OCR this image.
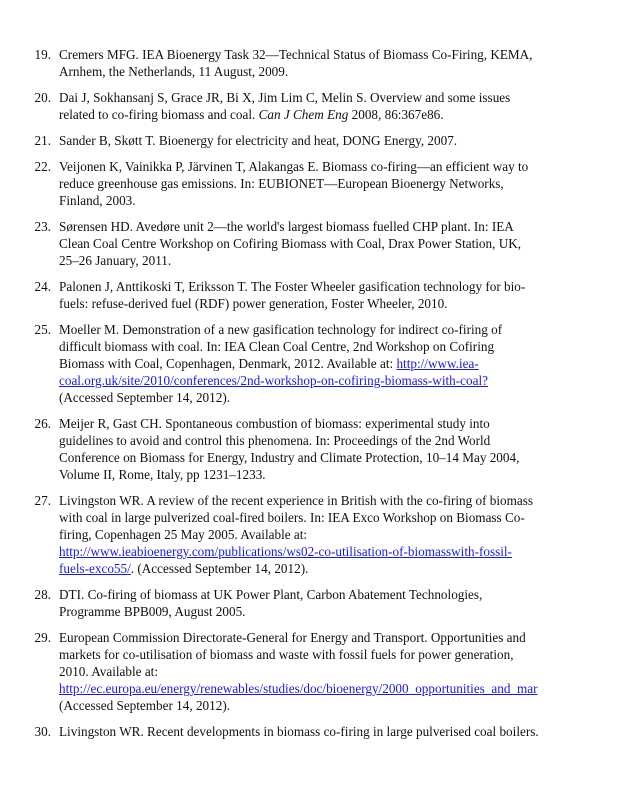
19. Cremers MFG. IEA Bioenergy Task 32—Technical Status of Biomass Co-Firing, KEMA,
Arnhem, the Netherlands, 11 August, 2009.
20. Dai J, Sokhansanj S, Grace JR, Bi X, Jim Lim C, Melin S. Overview and some issues
related to co-firing biomass and coal. Can J Chem Eng 2008, 86:367e86.
21. Sander B, Skøtt T. Bioenergy for electricity and heat, DONG Energy, 2007.
22. Veijonen K, Vainikka P, Järvinen T, Alakangas E. Biomass co-firing—an efficient way to
reduce greenhouse gas emissions. In: EUBIONET—European Bioenergy Networks,
Finland, 2003.
23. Sørensen HD. Avedøre unit 2—the world's largest biomass fuelled CHP plant. In: IEA
Clean Coal Centre Workshop on Cofiring Biomass with Coal, Drax Power Station, UK,
25–26 January, 2011.
24. Palonen J, Anttikoski T, Eriksson T. The Foster Wheeler gasification technology for bio-
fuels: refuse-derived fuel (RDF) power generation, Foster Wheeler, 2010.
25. Moeller M. Demonstration of a new gasification technology for indirect co-firing of
difficult biomass with coal. In: IEA Clean Coal Centre, 2nd Workshop on Cofiring
Biomass with Coal, Copenhagen, Denmark, 2012. Available at: http://www.iea-
coal.org.uk/site/2010/conferences/2nd-workshop-on-cofiring-biomass-with-coal?
(Accessed September 14, 2012).
26. Meijer R, Gast CH. Spontaneous combustion of biomass: experimental study into
guidelines to avoid and control this phenomena. In: Proceedings of the 2nd World
Conference on Biomass for Energy, Industry and Climate Protection, 10–14 May 2004,
Volume II, Rome, Italy, pp 1231–1233.
27. Livingston WR. A review of the recent experience in British with the co-firing of biomass
with coal in large pulverized coal-fired boilers. In: IEA Exco Workshop on Biomass Co-
firing, Copenhagen 25 May 2005. Available at:
http://www.ieabioenergy.com/publications/ws02-co-utilisation-of-biomasswith-fossil-
fuels-exco55/. (Accessed September 14, 2012).
28. DTI. Co-firing of biomass at UK Power Plant, Carbon Abatement Technologies,
Programme BPB009, August 2005.
29. European Commission Directorate-General for Energy and Transport. Opportunities and
markets for co-utilisation of biomass and waste with fossil fuels for power generation,
2010. Available at:
http://ec.europa.eu/energy/renewables/studies/doc/bioenergy/2000_opportunities_and_mar
(Accessed September 14, 2012).
30. Livingston WR. Recent developments in biomass co-firing in large pulverised coal boilers.
